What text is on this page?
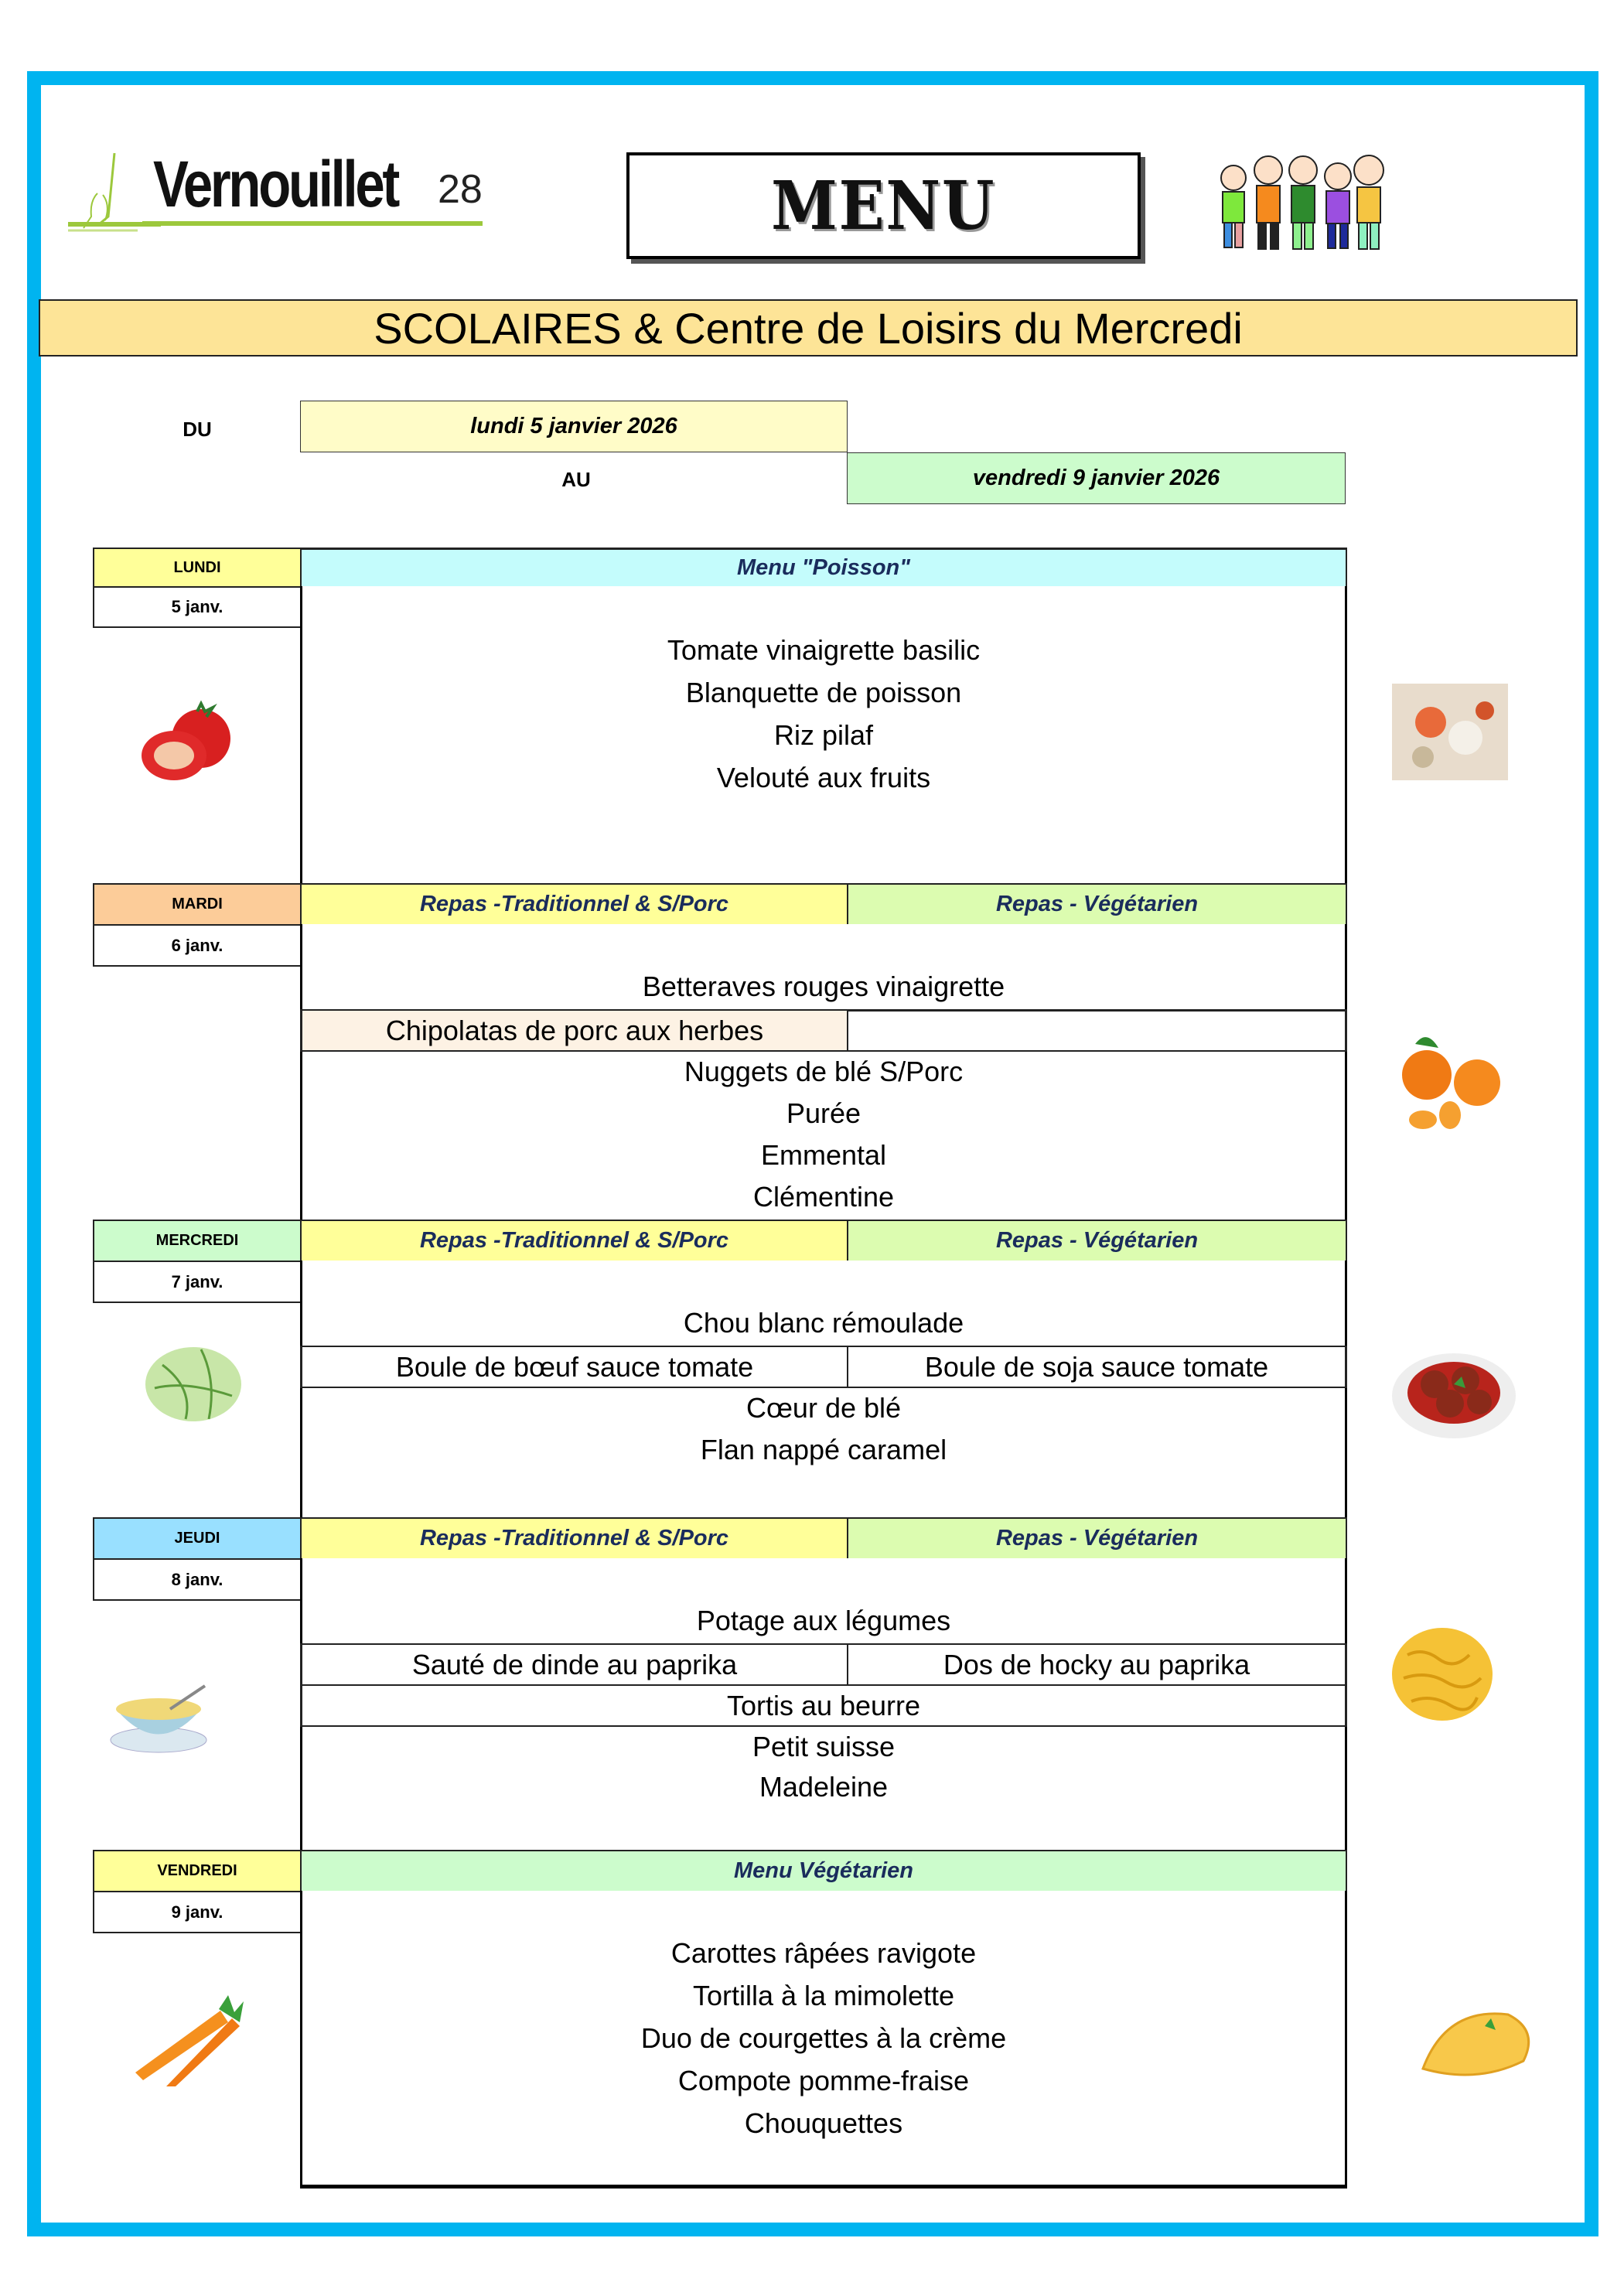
Vernouillet 28	MENU
SCOLAIRES & Centre de Loisirs du Mercredi
DU	lundi 5 janvier 2026
AU	vendredi 9 janvier 2026
LUNDI
5 janv.
Menu "Poisson"
Tomate vinaigrette basilic
Blanquette de poisson
Riz pilaf
Velouté aux fruits
MARDI
6 janv.
Repas -Traditionnel & S/Porc	Repas - Végétarien
Betteraves rouges vinaigrette
Chipolatas de porc aux herbes
Nuggets de blé S/Porc
Purée
Emmental
Clémentine
MERCREDI
7 janv.
Repas -Traditionnel & S/Porc	Repas - Végétarien
Chou blanc rémoulade
Boule de bœuf sauce tomate	Boule de soja sauce tomate
Cœur de blé
Flan nappé caramel
JEUDI
8 janv.
Repas -Traditionnel & S/Porc	Repas - Végétarien
Potage aux légumes
Sauté de dinde au paprika	Dos de hocky au paprika
Tortis au beurre
Petit suisse
Madeleine
VENDREDI
9 janv.
Menu Végétarien
Carottes râpées ravigote
Tortilla à la mimolette
Duo de courgettes à la crème
Compote pomme-fraise
Chouquettes
